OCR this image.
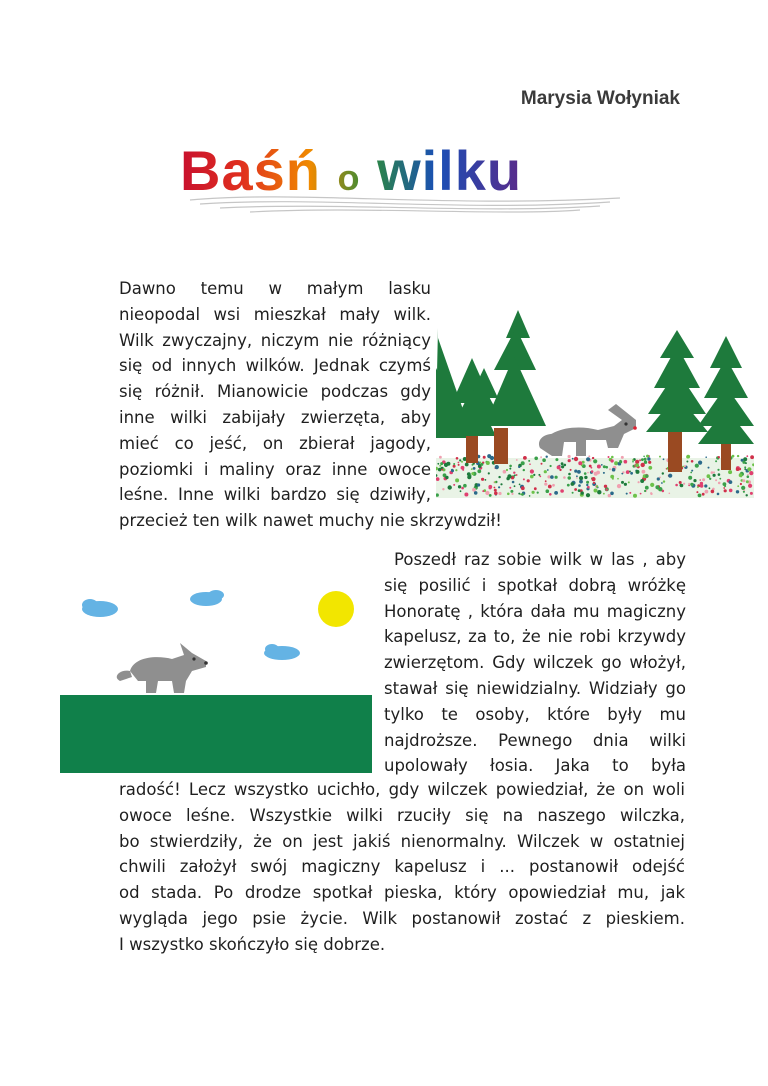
Marysia Wołyniak
Baśń o wilku
Dawno temu w małym lasku
nieopodal wsi mieszkał mały wilk.
Wilk zwyczajny, niczym nie różniący
się od innych wilków. Jednak czymś
się różnił. Mianowicie podczas gdy
inne wilki zabijały zwierzęta, aby
mieć co jeść, on zbierał jagody,
poziomki i maliny oraz inne owoce
leśne. Inne wilki bardzo się dziwiły,
przecież ten wilk nawet muchy nie skrzywdził!
Poszedł raz sobie wilk w las , aby
się posilić i spotkał dobrą wróżkę
Honoratę , która dała mu magiczny
kapelusz, za to, że nie robi krzywdy
zwierzętom. Gdy wilczek go włożył,
stawał się niewidzialny. Widziały go
tylko te osoby, które były mu
najdroższe. Pewnego dnia wilki
upolowały łosia. Jaka to była
radość! Lecz wszystko ucichło, gdy wilczek powiedział, że on woli
owoce leśne. Wszystkie wilki rzuciły się na naszego wilczka,
bo stwierdziły, że on jest jakiś nienormalny. Wilczek w ostatniej
chwili założył swój magiczny kapelusz i ... postanowił odejść
od stada. Po drodze spotkał pieska, który opowiedział mu, jak
wygląda jego psie życie. Wilk postanowił zostać z pieskiem.
I wszystko skończyło się dobrze.
